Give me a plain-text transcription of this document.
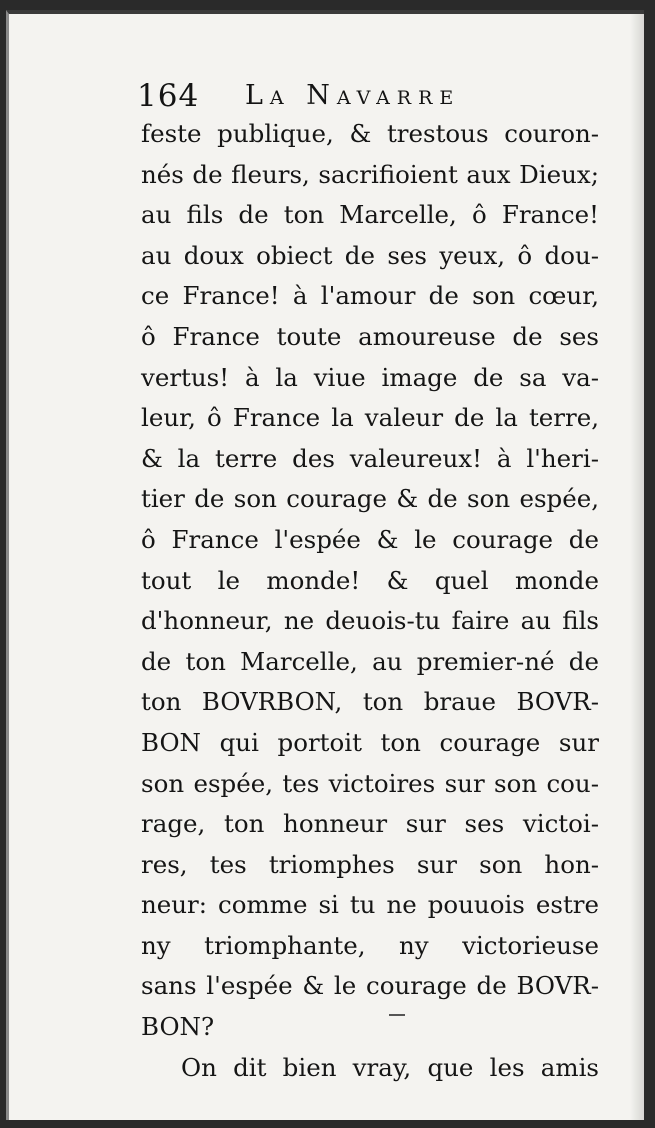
164 La Navarre
feste publique, & trestous couron-
nés de fleurs, sacrifioient aux Dieux;
au fils de ton Marcelle, ô France!
au doux obiect de ses yeux, ô dou-
ce France! à l'amour de son cœur,
ô France toute amoureuse de ses
vertus! à la viue image de sa va-
leur, ô France la valeur de la terre,
& la terre des valeureux! à l'heri-
tier de son courage & de son espée,
ô France l'espée & le courage de
tout le monde! & quel monde
d'honneur, ne deuois-tu faire au fils
de ton Marcelle, au premier-né de
ton BOVRBON, ton braue BOVR-
BON qui portoit ton courage sur
son espée, tes victoires sur son cou-
rage, ton honneur sur ses victoi-
res, tes triomphes sur son hon-
neur: comme si tu ne pouuois estre
ny triomphante, ny victorieuse
sans l'espée & le courage de BOVR-
BON?
On dit bien vray, que les amis
